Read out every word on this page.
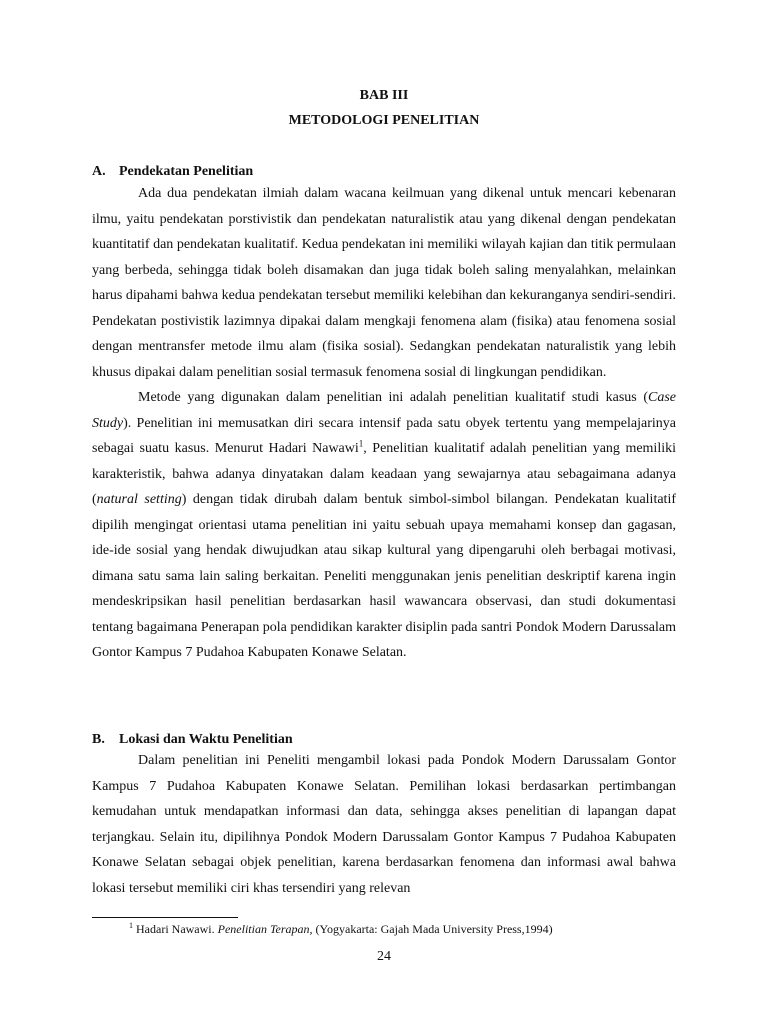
BAB III
METODOLOGI PENELITIAN
A. Pendekatan Penelitian

Ada dua pendekatan ilmiah dalam wacana keilmuan yang dikenal untuk mencari kebenaran ilmu, yaitu pendekatan porstivistik dan pendekatan naturalistik atau yang dikenal dengan pendekatan kuantitatif dan pendekatan kualitatif. Kedua pendekatan ini memiliki wilayah kajian dan titik permulaan yang berbeda, sehingga tidak boleh disamakan dan juga tidak boleh saling menyalahkan, melainkan harus dipahami bahwa kedua pendekatan tersebut memiliki kelebihan dan kekuranganya sendiri-sendiri. Pendekatan postivistik lazimnya dipakai dalam mengkaji fenomena alam (fisika) atau fenomena sosial dengan mentransfer metode ilmu alam (fisika sosial). Sedangkan pendekatan naturalistik yang lebih khusus dipakai dalam penelitian sosial termasuk fenomena sosial di lingkungan pendidikan.

Metode yang digunakan dalam penelitian ini adalah penelitian kualitatif studi kasus (Case Study). Penelitian ini memusatkan diri secara intensif pada satu obyek tertentu yang mempelajarinya sebagai suatu kasus. Menurut Hadari Nawawi$^1$, Penelitian kualitatif adalah penelitian yang memiliki karakteristik, bahwa adanya dinyatakan dalam keadaan yang sewajarnya atau sebagaimana adanya (natural setting) dengan tidak dirubah dalam bentuk simbol-simbol bilangan. Pendekatan kualitatif dipilih mengingat orientasi utama penelitian ini yaitu sebuah upaya memahami konsep dan gagasan, ide-ide sosial yang hendak diwujudkan atau sikap kultural yang dipengaruhi oleh berbagai motivasi, dimana satu sama lain saling berkaitan. Peneliti menggunakan jenis penelitian deskriptif karena ingin mendeskripsikan hasil penelitian berdasarkan hasil wawancara observasi, dan studi dokumentasi tentang bagaimana Penerapan pola pendidikan karakter disiplin pada santri Pondok Modern Darussalam Gontor Kampus 7 Pudahoa Kabupaten Konawe Selatan.

B. Lokasi dan Waktu Penelitian

Dalam penelitian ini Peneliti mengambil lokasi pada Pondok Modern Darussalam Gontor Kampus 7 Pudahoa Kabupaten Konawe Selatan. Pemilihan lokasi berdasarkan pertimbangan kemudahan untuk mendapatkan informasi dan data, sehingga akses penelitian di lapangan dapat terjangkau. Selain itu, dipilihnya Pondok Modern Darussalam Gontor Kampus 7 Pudahoa Kabupaten Konawe Selatan sebagai objek penelitian, karena berdasarkan fenomena dan informasi awal bahwa lokasi tersebut memiliki ciri khas tersendiri yang relevan

$^1$ Hadari Nawawi. Penelitian Terapan, (Yogyakarta: Gajah Mada University Press,1994)
24
